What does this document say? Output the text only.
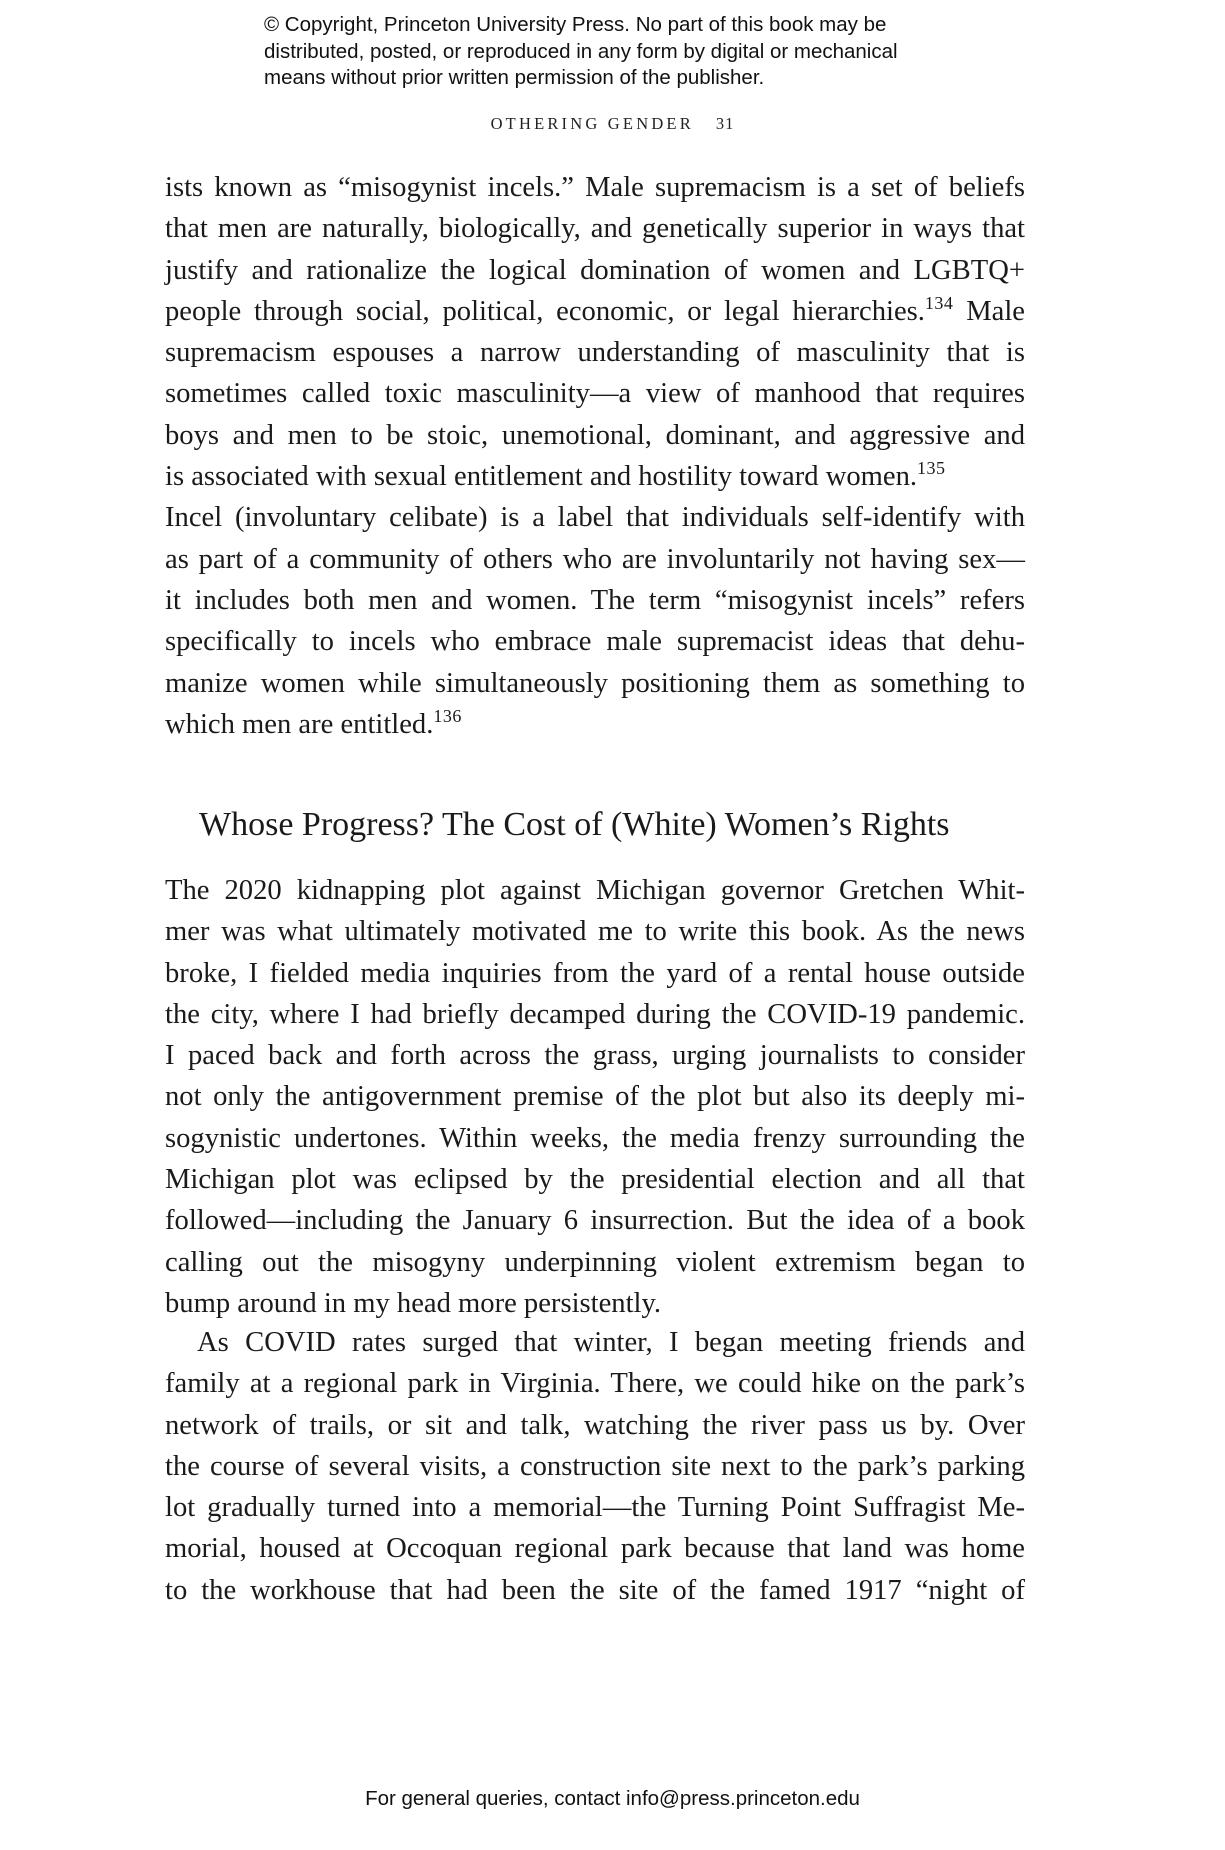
© Copyright, Princeton University Press. No part of this book may be
distributed, posted, or reproduced in any form by digital or mechanical
means without prior written permission of the publisher.
OTHERING GENDER 31
ists known as “misogynist incels.” Male supremacism is a set of beliefs
that men are naturally, biologically, and genetically superior in ways that
justify and rationalize the logical domination of women and LGBTQ+
people through social, political, economic, or legal hierarchies.$^{134}$ Male
supremacism espouses a narrow understanding of masculinity that is
sometimes called toxic masculinity—a view of manhood that requires
boys and men to be stoic, unemotional, dominant, and aggressive and
is associated with sexual entitlement and hostility toward women.$^{135}$
Incel (involuntary celibate) is a label that individuals self-identify with
as part of a community of others who are involuntarily not having sex—
it includes both men and women. The term “misogynist incels” refers
specifically to incels who embrace male supremacist ideas that dehu-
manize women while simultaneously positioning them as something to
which men are entitled.$^{136}$
Whose Progress? The Cost of (White) Women’s Rights
The 2020 kidnapping plot against Michigan governor Gretchen Whit-
mer was what ultimately motivated me to write this book. As the news
broke, I fielded media inquiries from the yard of a rental house outside
the city, where I had briefly decamped during the COVID-19 pandemic.
I paced back and forth across the grass, urging journalists to consider
not only the antigovernment premise of the plot but also its deeply mi-
sogynistic undertones. Within weeks, the media frenzy surrounding the
Michigan plot was eclipsed by the presidential election and all that
followed—including the January 6 insurrection. But the idea of a book
calling out the misogyny underpinning violent extremism began to
bump around in my head more persistently.
As COVID rates surged that winter, I began meeting friends and
family at a regional park in Virginia. There, we could hike on the park’s
network of trails, or sit and talk, watching the river pass us by. Over
the course of several visits, a construction site next to the park’s parking
lot gradually turned into a memorial—the Turning Point Suffragist Me-
morial, housed at Occoquan regional park because that land was home
to the workhouse that had been the site of the famed 1917 “night of
For general queries, contact info@press.princeton.edu
